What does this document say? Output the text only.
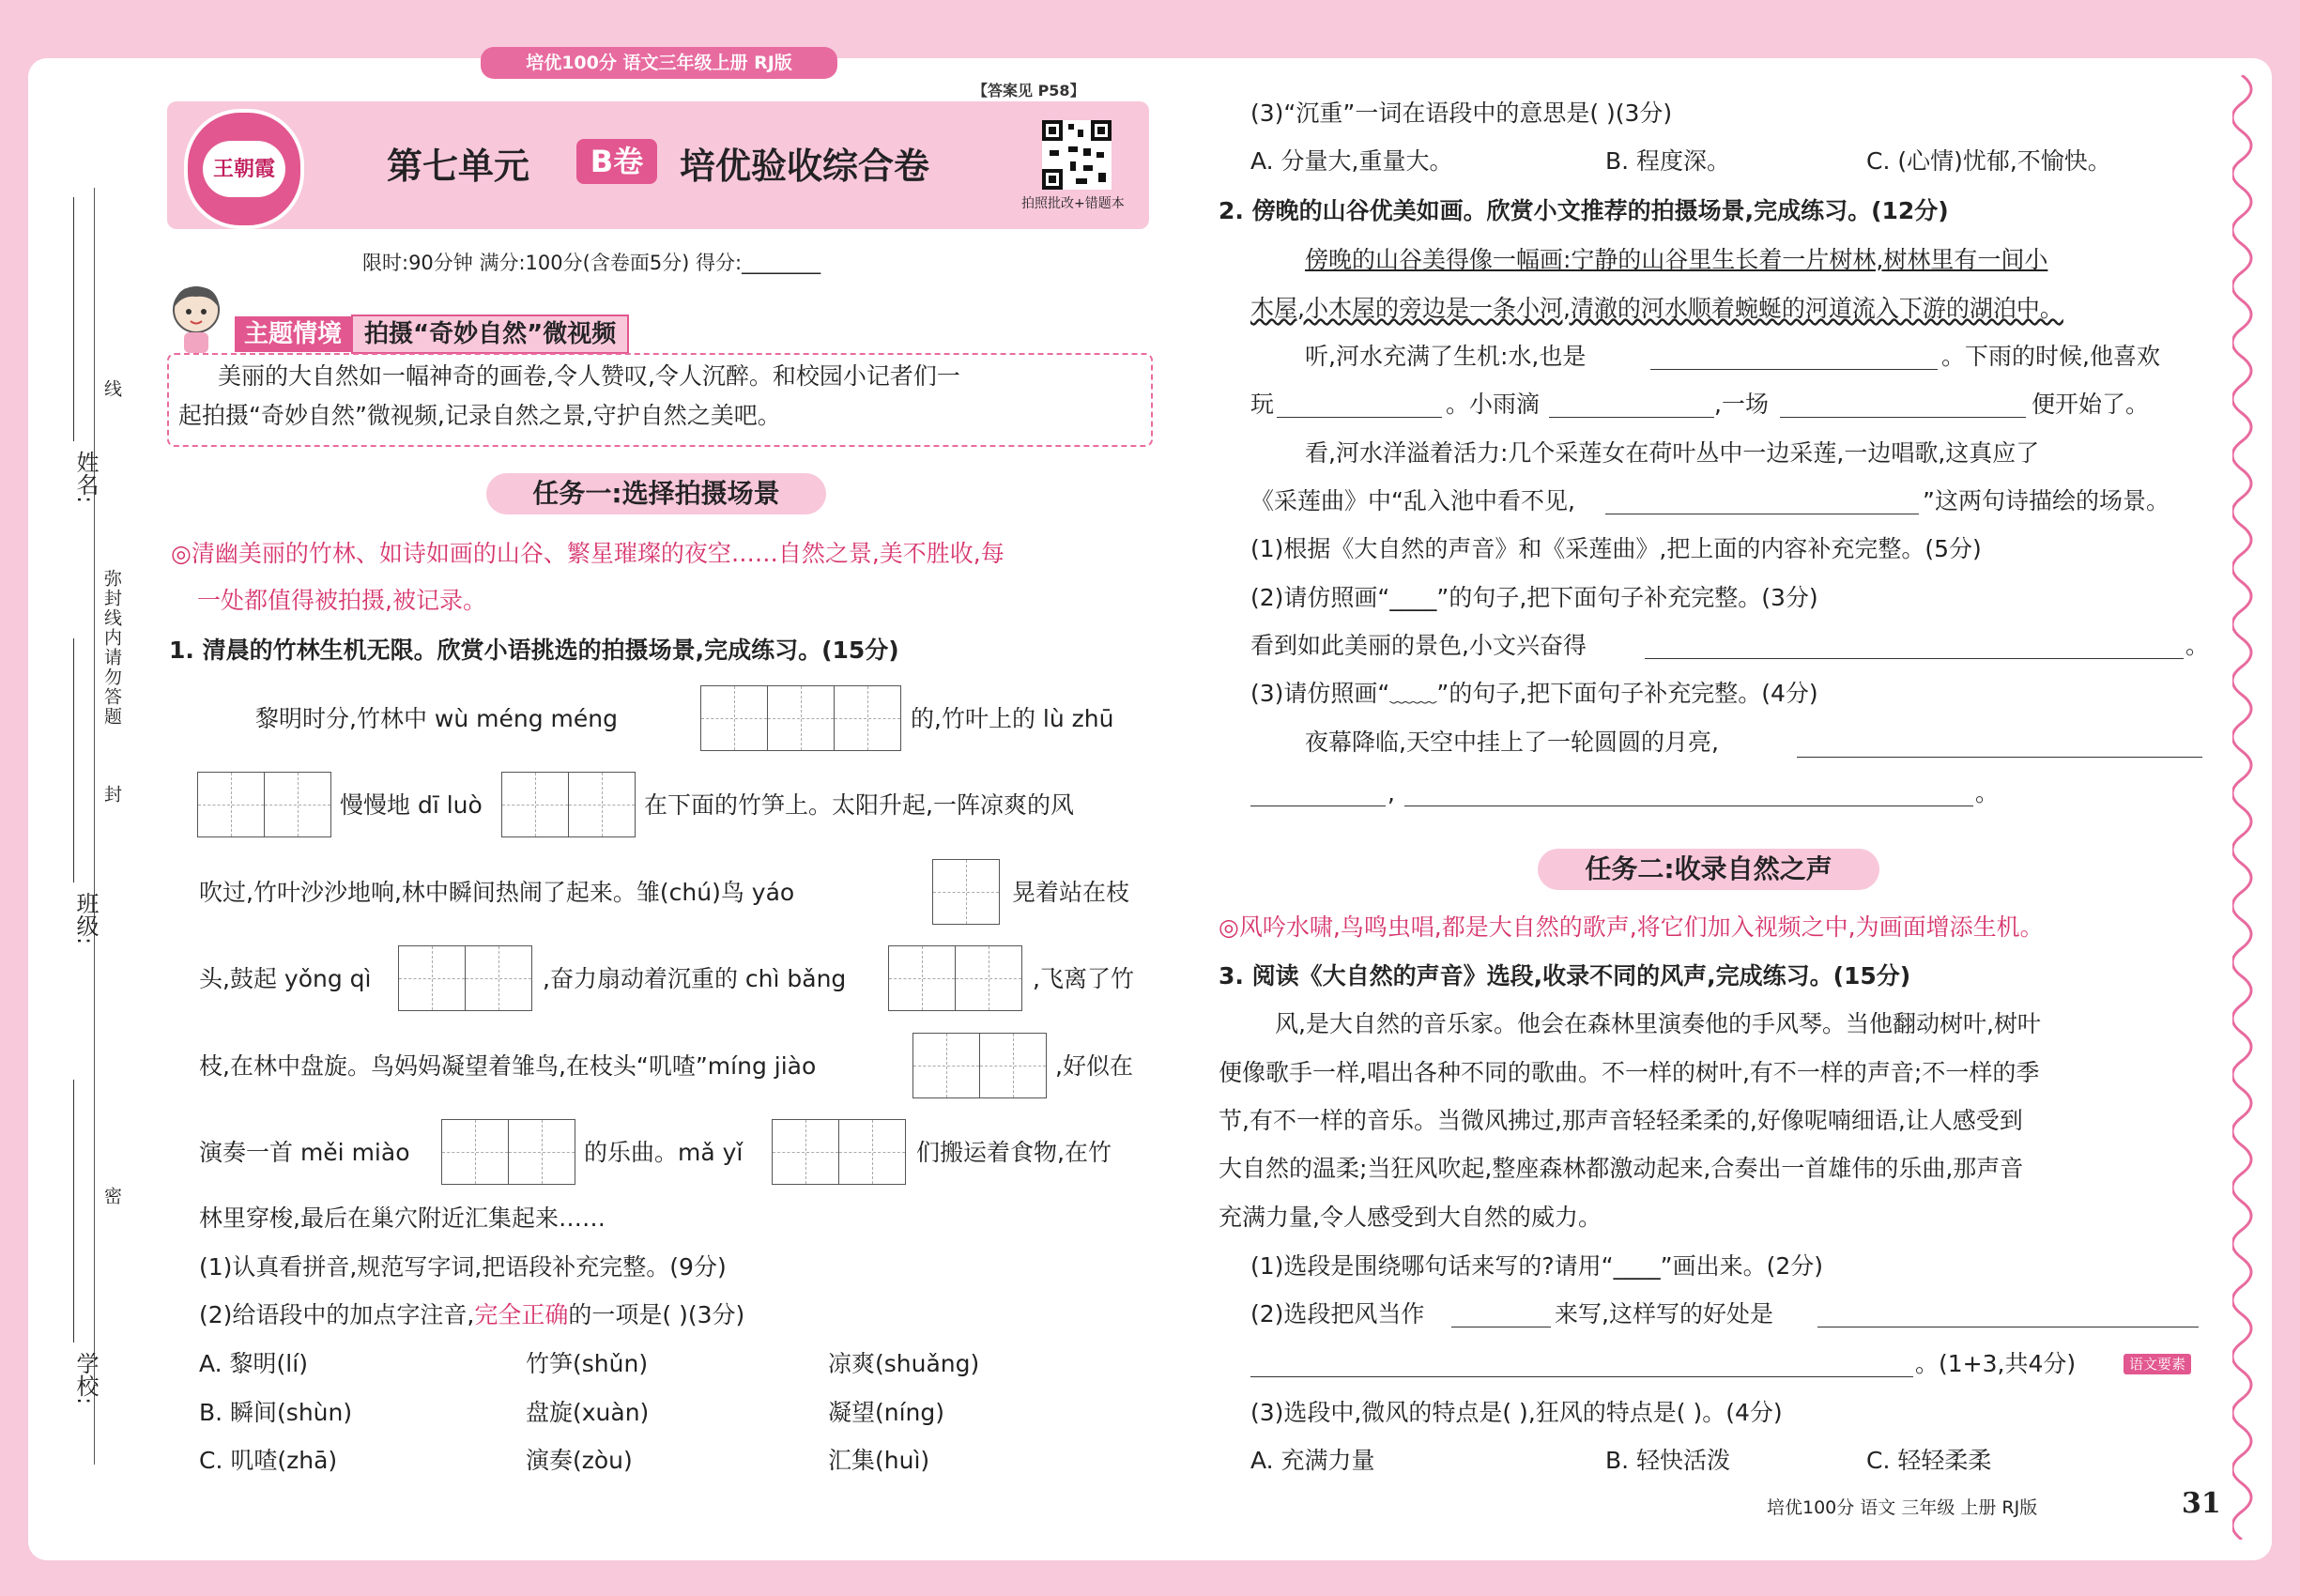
培优100分 语文三年级上册 RJ版
【答案见 P58】
王朝霞	第七单元	B卷	培优验收综合卷
拍照批改+错题本
限时:90分钟 满分:100分(含卷面5分) 得分:________
主题情境 拍摄“奇妙自然”微视频
美丽的大自然如一幅神奇的画卷,令人赞叹,令人沉醉。和校园小记者们一
起拍摄“奇妙自然”微视频,记录自然之景,守护自然之美吧。
姓名:
班级:
学校:
线
弥封线内请勿答题
封
密
任务一:选择拍摄场景
◎清幽美丽的竹林、如诗如画的山谷、繁星璀璨的夜空……自然之景,美不胜收,每
一处都值得被拍摄,被记录。
1. 清晨的竹林生机无限。欣赏小语挑选的拍摄场景,完成练习。(15分)
黎明时分,竹林中 wù méng méng	的,竹叶上的 lù zhū
慢慢地 dī luò	在下面的竹笋上。太阳升起,一阵凉爽的风
吹过,竹叶沙沙地响,林中瞬间热闹了起来。雏(chú)鸟 yáo	晃着站在枝
头,鼓起 yǒng qì	,奋力扇动着沉重的 chì bǎng	,飞离了竹
枝,在林中盘旋。鸟妈妈凝望着雏鸟,在枝头“叽喳”míng jiào	,好似在
演奏一首 měi miào	的乐曲。mǎ yǐ	们搬运着食物,在竹
林里穿梭,最后在巢穴附近汇集起来……
(1)认真看拼音,规范写字词,把语段补充完整。(9分)
(2)给语段中的加点字注音,完全正确的一项是( )(3分)
A. 黎明(lí)	竹笋(shǔn)	凉爽(shuǎng)
B. 瞬间(shùn)	盘旋(xuàn)	凝望(níng)
C. 叽喳(zhā)	演奏(zòu)	汇集(huì)
(3)“沉重”一词在语段中的意思是( )(3分)
A. 分量大,重量大。	B. 程度深。	C. (心情)忧郁,不愉快。
2. 傍晚的山谷优美如画。欣赏小文推荐的拍摄场景,完成练习。(12分)
傍晚的山谷美得像一幅画:宁静的山谷里生长着一片树林,树林里有一间小
木屋,小木屋的旁边是一条小河,清澈的河水顺着蜿蜒的河道流入下游的湖泊中。
听,河水充满了生机:水,也是	。下雨的时候,他喜欢
玩	。小雨滴	,一场	便开始了。
看,河水洋溢着活力:几个采莲女在荷叶丛中一边采莲,一边唱歌,这真应了
《采莲曲》中“乱入池中看不见,	”这两句诗描绘的场景。
(1)根据《大自然的声音》和《采莲曲》,把上面的内容补充完整。(5分)
(2)请仿照画“____”的句子,把下面句子补充完整。(3分)
看到如此美丽的景色,小文兴奋得	。
(3)请仿照画“﹏﹏”的句子,把下面句子补充完整。(4分)
夜幕降临,天空中挂上了一轮圆圆的月亮,
,	。
任务二:收录自然之声
◎风吟水啸,鸟鸣虫唱,都是大自然的歌声,将它们加入视频之中,为画面增添生机。
3. 阅读《大自然的声音》选段,收录不同的风声,完成练习。(15分)
风,是大自然的音乐家。他会在森林里演奏他的手风琴。当他翻动树叶,树叶
便像歌手一样,唱出各种不同的歌曲。不一样的树叶,有不一样的声音;不一样的季
节,有不一样的音乐。当微风拂过,那声音轻轻柔柔的,好像呢喃细语,让人感受到
大自然的温柔;当狂风吹起,整座森林都激动起来,合奏出一首雄伟的乐曲,那声音
充满力量,令人感受到大自然的威力。
(1)选段是围绕哪句话来写的?请用“____”画出来。(2分)
(2)选段把风当作	来写,这样写的好处是
。(1+3,共4分)	语文要素
(3)选段中,微风的特点是( ),狂风的特点是( )。(4分)
A. 充满力量	B. 轻快活泼	C. 轻轻柔柔
培优100分 语文 三年级 上册 RJ版	31
